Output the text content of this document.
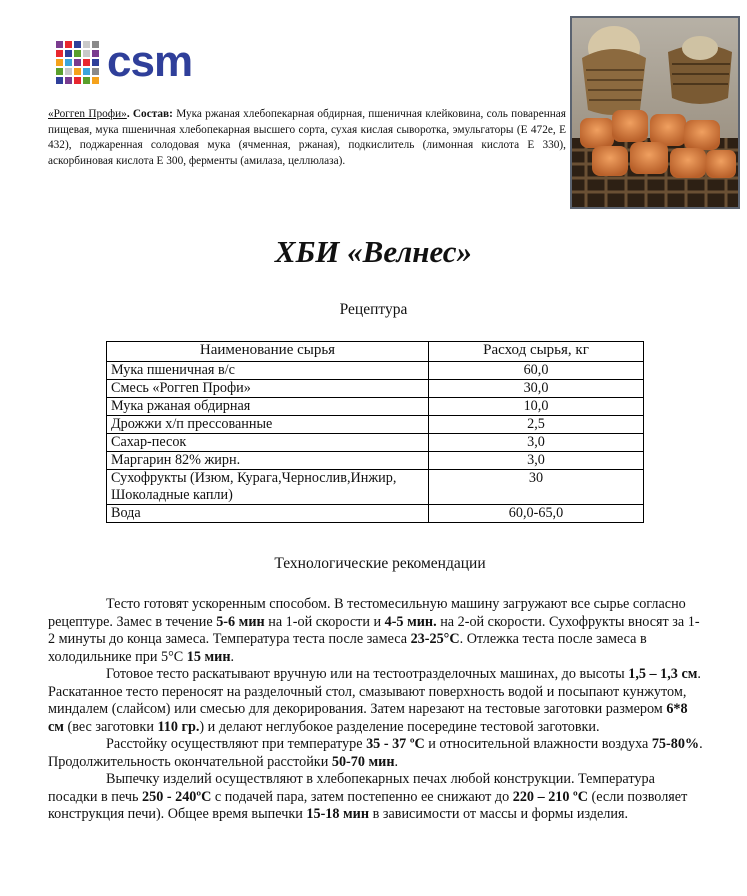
csm
«Роггеn Профи». Состав: Мука ржаная хлебопекарная обдирная, пшеничная клейковина, соль поваренная пищевая, мука пшеничная хлебопекарная высшего сорта, сухая кислая сыворотка, эмульгаторы (Е 472е, Е 432), поджаренная солодовая мука (ячменная, ржаная), подкислитель (лимонная кислота Е 330), аскорбиновая кислота Е 300, ферменты (амилаза, целлюлаза).
ХБИ «Велнес»
Рецептура
Наименование сырья	Расход сырья, кг
Мука пшеничная в/с	60,0
Смесь «Роггеn Профи»	30,0
Мука ржаная обдирная	10,0
Дрожжи х/п прессованные	2,5
Сахар-песок	3,0
Маргарин 82% жирн.	3,0
Сухофрукты (Изюм, Курага,Чернослив,Инжир, Шоколадные капли)	30
Вода	60,0-65,0
Технологические рекомендации

Тесто готовят ускоренным способом. В тестомесильную машину загружают все сырье согласно рецептуре. Замес в течение 5-6 мин на 1-ой скорости и 4-5 мин. на 2-ой скорости. Сухофрукты вносят за 1-2 минуты до конца замеса. Температура теста после замеса 23-25°С. Отлежка теста после замеса в холодильнике при 5°С 15 мин.

Готовое тесто раскатывают вручную или на тестоотразделочных машинах, до высоты 1,5 – 1,3 см. Раскатанное тесто переносят на разделочный стол, смазывают поверхность водой и посыпают кунжутом, миндалем (слайсом) или смесью для декорирования. Затем нарезают на тестовые заготовки размером 6*8 см (вес заготовки 110 гр.) и делают неглубокое разделение посередине тестовой заготовки.

Расстойку осуществляют при температуре 35 - 37 ºС и относительной влажности воздуха 75-80%. Продолжительность окончательной расстойки 50-70 мин.

Выпечку изделий осуществляют в хлебопекарных печах любой конструкции. Температура посадки в печь 250 - 240ºС с подачей пара, затем постепенно ее снижают до 220 – 210 ºС (если позволяет конструкция печи). Общее время выпечки 15-18 мин в зависимости от массы и формы изделия.
